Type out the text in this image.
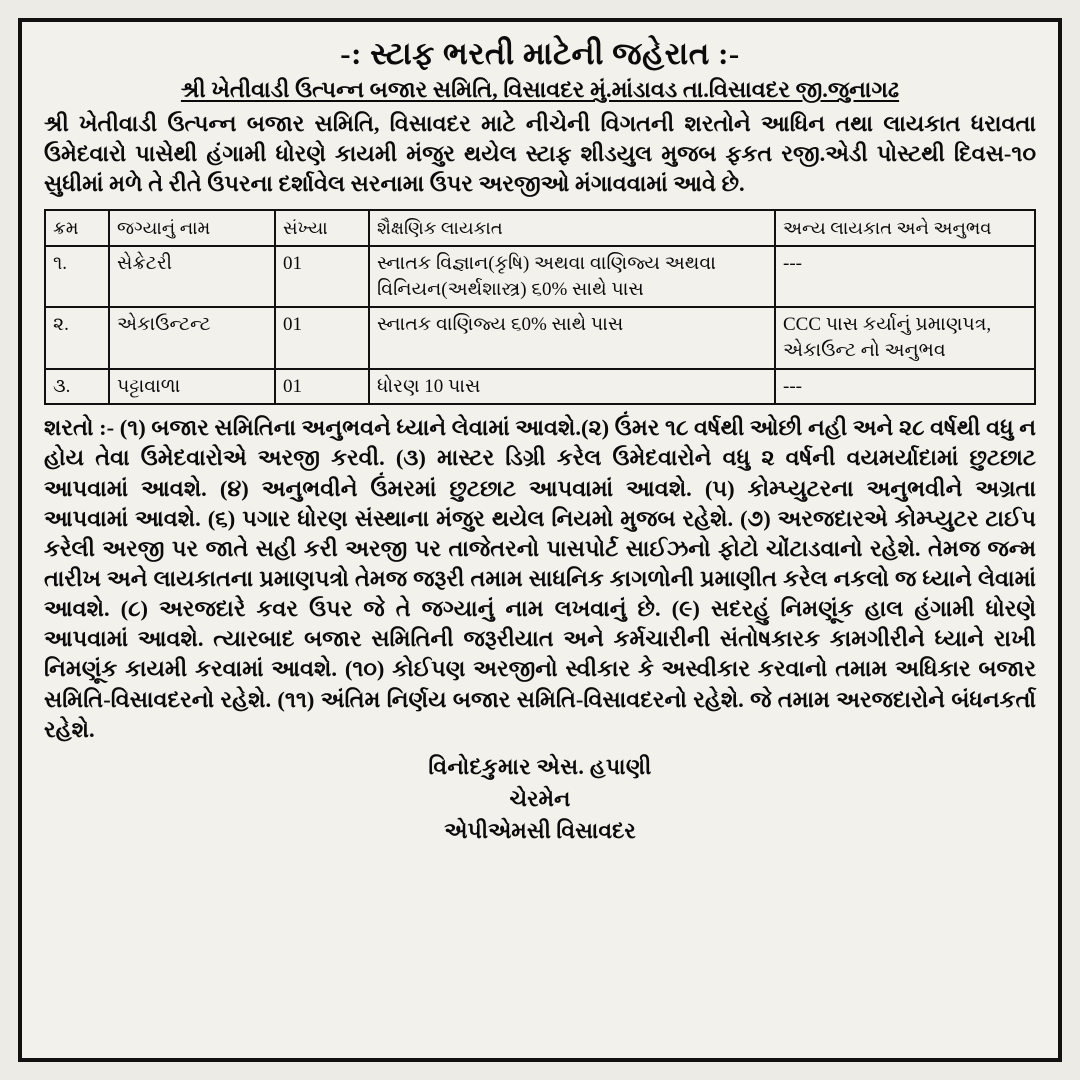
-: સ્ટાફ ભરતી માટેની જહેરાત :-
શ્રી ખેતીવાડી ઉત્પન્ન બજાર સમિતિ, વિસાવદર મું.માંડાવડ તા.વિસાવદર જી.જુનાગઢ
શ્રી ખેતીવાડી ઉત્પન્ન બજાર સમિતિ, વિસાવદર માટે નીચેની વિગતની શરતોને આધિન તથા લાયકાત ધરાવતા ઉમેદવારો પાસેથી હંગામી ધોરણે કાયમી મંજુર થયેલ સ્ટાફ શીડયુલ મુજબ ફકત રજી.એડી પોસ્ટથી દિવસ-૧૦ સુધીમાં મળે તે રીતે ઉપરના દર્શાવેલ સરનામા ઉપર અરજીઓ મંગાવવામાં આવે છે.
ક્રમ	જગ્યાનું નામ	સંખ્યા	શૈક્ષણિક લાયકાત	અન્ય લાયકાત અને અનુભવ
૧.	સેક્રેટરી	01	સ્નાતક વિજ્ઞાન(કૃષિ) અથવા વાણિજ્ય અથવા વિનિયન(અર્થશાસ્ત્ર) ૬0% સાથે પાસ	---
૨.	એકાઉન્ટન્ટ	01	સ્નાતક વાણિજ્ય ૬0% સાથે પાસ	CCC પાસ કર્યાનું પ્રમાણપત્ર, એકાઉન્ટ નો અનુભવ
૩.	પટ્ટાવાળા	01	ધોરણ 10 પાસ	---
શરતો :- (૧) બજાર સમિતિના અનુભવને ધ્યાને લેવામાં આવશે.(૨) ઉંમર ૧૮ વર્ષથી ઓછી નહી અને ૨૮ વર્ષથી વધુ ન હોય તેવા ઉમેદવારોએ અરજી કરવી. (૩) માસ્ટર ડિગ્રી કરેલ ઉમેદવારોને વધુ ૨ વર્ષની વયમર્યાદામાં છુટછાટ આપવામાં આવશે. (૪) અનુભવીને ઉંમરમાં છુટછાટ આપવામાં આવશે. (૫) કોમ્પ્યુટરના અનુભવીને અગ્રતા આપવામાં આવશે. (૬) પગાર ધોરણ સંસ્થાના મંજુર થયેલ નિયમો મુજબ રહેશે. (૭) અરજદારએ કોમ્પ્યુટર ટાઈપ કરેલી અરજી પર જાતે સહી કરી અરજી પર તાજેતરનો પાસપોર્ટ સાઈઝનો ફોટો ચોંટાડવાનો રહેશે. તેમજ જન્મ તારીખ અને લાયકાતના પ્રમાણપત્રો તેમજ જરૂરી તમામ સાધનિક કાગળોની પ્રમાણીત કરેલ નકલો જ ધ્યાને લેવામાં આવશે. (૮) અરજદારે કવર ઉપર જે તે જગ્યાનું નામ લખવાનું છે. (૯) સદરહું નિમણૂંક હાલ હંગામી ધોરણે આપવામાં આવશે. ત્યારબાદ બજાર સમિતિની જરૂરીયાત અને કર્મચારીની સંતોષકારક કામગીરીને ધ્યાને રાખી નિમણૂંક કાયમી કરવામાં આવશે. (૧૦) કોઈપણ અરજીનો સ્વીકાર કે અસ્વીકાર કરવાનો તમામ અધિકાર બજાર સમિતિ-વિસાવદરનો રહેશે. (૧૧) અંતિમ નિર્ણય બજાર સમિતિ-વિસાવદરનો રહેશે. જે તમામ અરજદારોને બંધનકર્તા રહેશે.
વિનોદકુમાર એસ. હપાણી
ચેરમેન
એપીએમસી વિસાવદર
